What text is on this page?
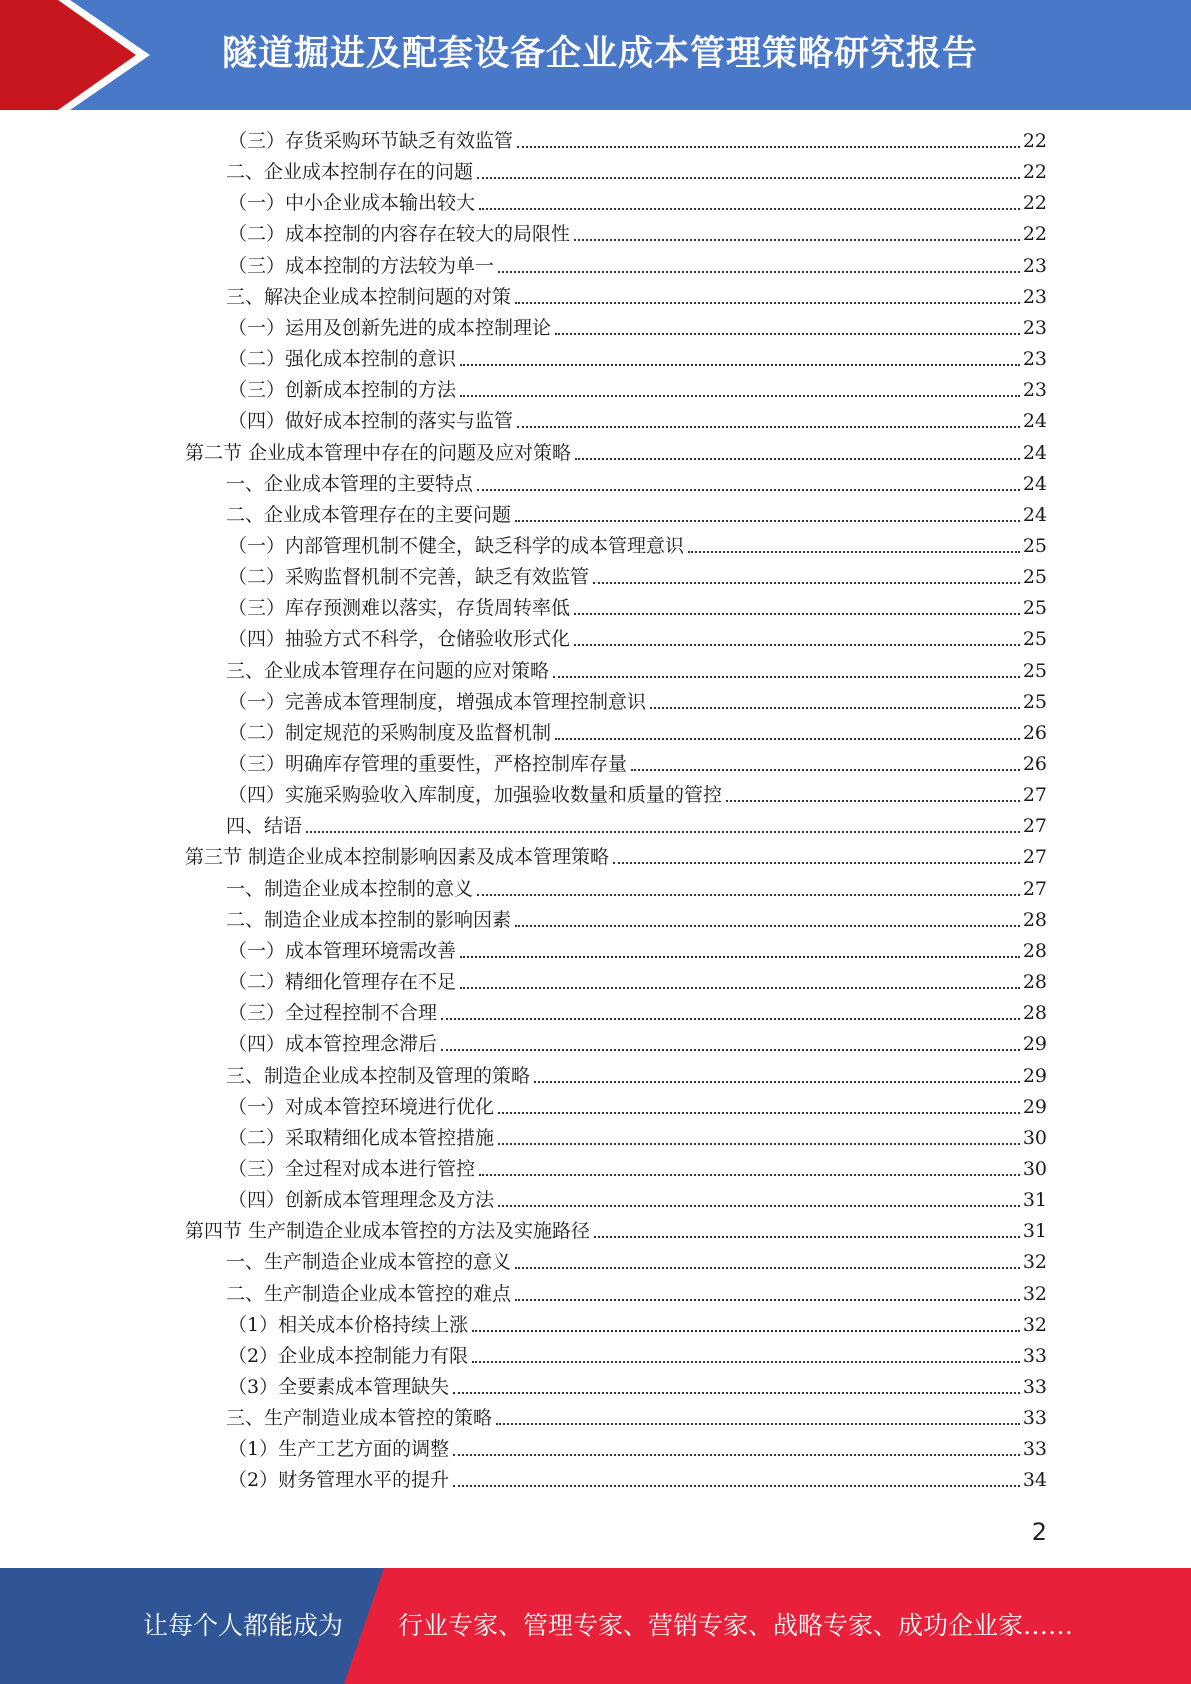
隧道掘进及配套设备企业成本管理策略研究报告
（三）存货采购环节缺乏有效监管	22
二、企业成本控制存在的问题	22
（一）中小企业成本输出较大	22
（二）成本控制的内容存在较大的局限性	22
（三）成本控制的方法较为单一	23
三、解决企业成本控制问题的对策	23
（一）运用及创新先进的成本控制理论	23
（二）强化成本控制的意识	23
（三）创新成本控制的方法	23
（四）做好成本控制的落实与监管	24
第二节 企业成本管理中存在的问题及应对策略	24
一、企业成本管理的主要特点	24
二、企业成本管理存在的主要问题	24
（一）内部管理机制不健全，缺乏科学的成本管理意识	25
（二）采购监督机制不完善，缺乏有效监管	25
（三）库存预测难以落实，存货周转率低	25
（四）抽验方式不科学，仓储验收形式化	25
三、企业成本管理存在问题的应对策略	25
（一）完善成本管理制度，增强成本管理控制意识	25
（二）制定规范的采购制度及监督机制	26
（三）明确库存管理的重要性，严格控制库存量	26
（四）实施采购验收入库制度，加强验收数量和质量的管控	27
四、结语	27
第三节 制造企业成本控制影响因素及成本管理策略	27
一、制造企业成本控制的意义	27
二、制造企业成本控制的影响因素	28
（一）成本管理环境需改善	28
（二）精细化管理存在不足	28
（三）全过程控制不合理	28
（四）成本管控理念滞后	29
三、制造企业成本控制及管理的策略	29
（一）对成本管控环境进行优化	29
（二）采取精细化成本管控措施	30
（三）全过程对成本进行管控	30
（四）创新成本管理理念及方法	31
第四节 生产制造企业成本管控的方法及实施路径	31
一、生产制造企业成本管控的意义	32
二、生产制造企业成本管控的难点	32
（1）相关成本价格持续上涨	32
（2）企业成本控制能力有限	33
（3）全要素成本管理缺失	33
三、生产制造业成本管控的策略	33
（1）生产工艺方面的调整	33
（2）财务管理水平的提升	34
2
让每个人都能成为 行业专家、管理专家、营销专家、战略专家、成功企业家……
